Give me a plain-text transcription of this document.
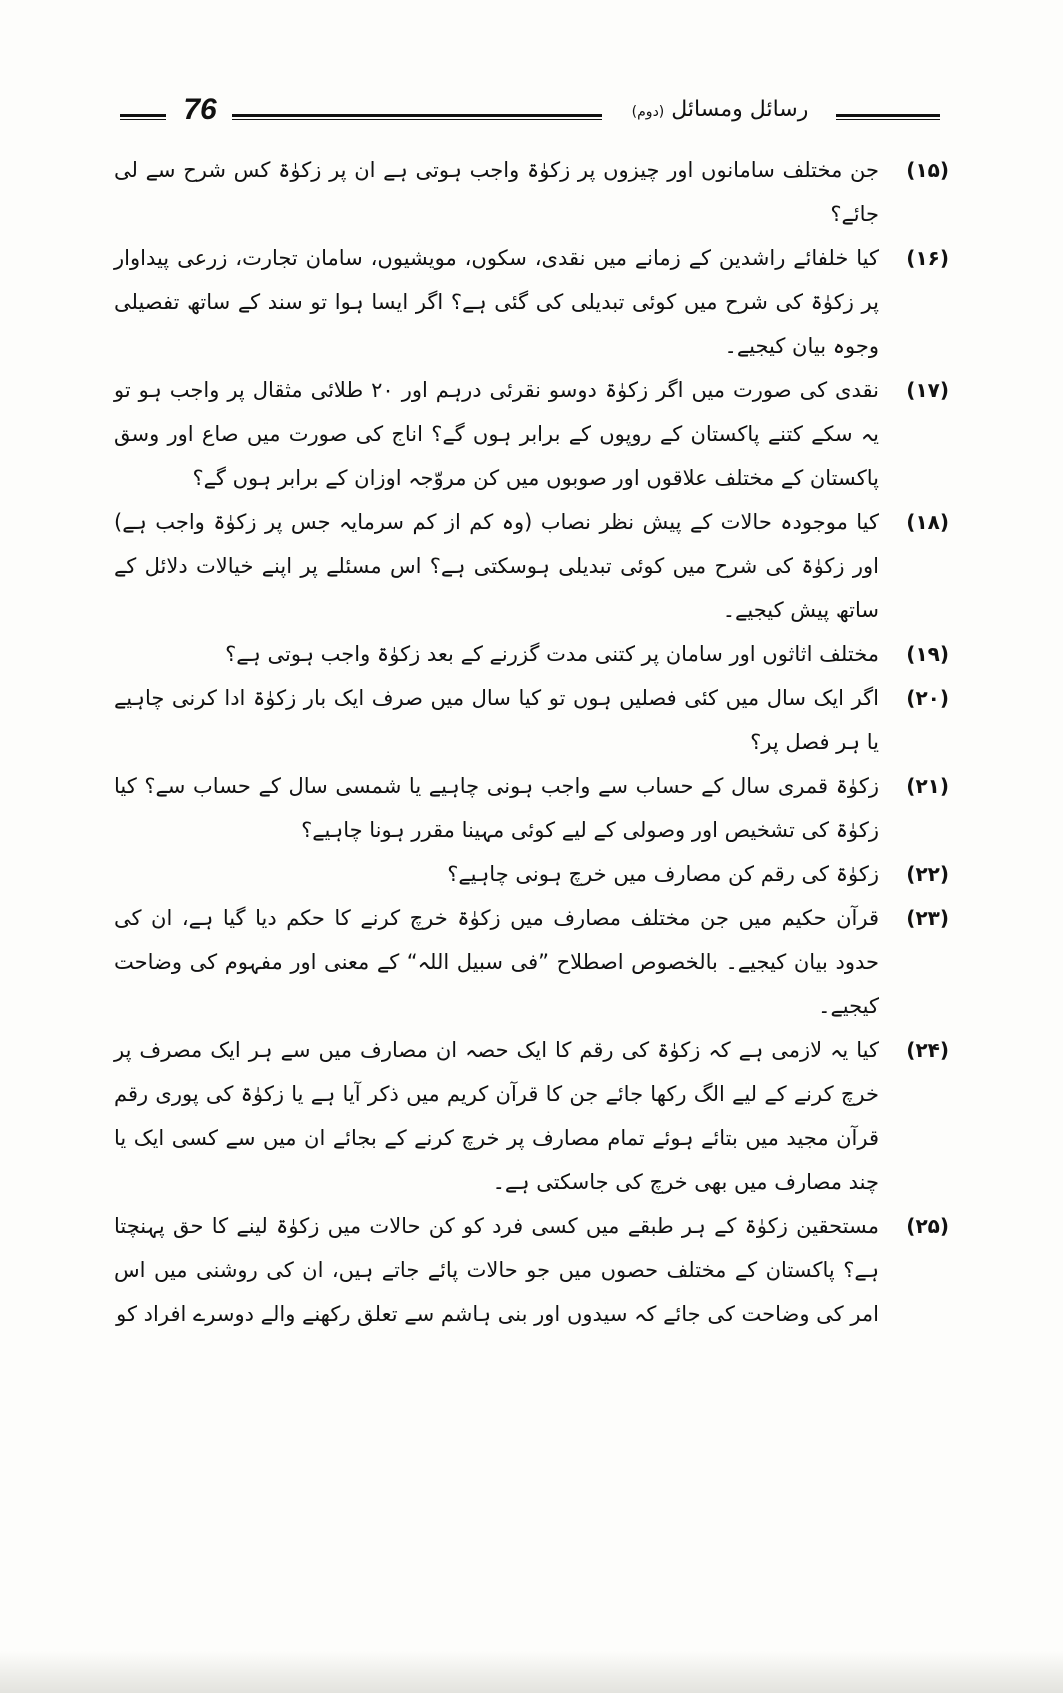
76	رسائل ومسائل (دوم)
(۱۵)

جن مختلف سامانوں اور چیزوں پر زکوٰۃ واجب ہوتی ہے ان پر زکوٰۃ کس شرح سے لی جائے؟

(۱۶)

کیا خلفائے راشدین کے زمانے میں نقدی، سکوں، مویشیوں، سامان تجارت، زرعی پیداوار پر زکوٰۃ کی شرح میں کوئی تبدیلی کی گئی ہے؟ اگر ایسا ہوا تو سند کے ساتھ تفصیلی وجوہ بیان کیجیے۔

(۱۷)

نقدی کی صورت میں اگر زکوٰۃ دوسو نقرئی درہم اور ۲۰ طلائی مثقال پر واجب ہو تو یہ سکے کتنے پاکستان کے روپوں کے برابر ہوں گے؟ اناج کی صورت میں صاع اور وسق پاکستان کے مختلف علاقوں اور صوبوں میں کن مروّجہ اوزان کے برابر ہوں گے؟

(۱۸)

کیا موجودہ حالات کے پیش نظر نصاب (وہ کم از کم سرمایہ جس پر زکوٰۃ واجب ہے) اور زکوٰۃ کی شرح میں کوئی تبدیلی ہوسکتی ہے؟ اس مسئلے پر اپنے خیالات دلائل کے ساتھ پیش کیجیے۔

(۱۹)

مختلف اثاثوں اور سامان پر کتنی مدت گزرنے کے بعد زکوٰۃ واجب ہوتی ہے؟

(۲۰)

اگر ایک سال میں کئی فصلیں ہوں تو کیا سال میں صرف ایک بار زکوٰۃ ادا کرنی چاہیے یا ہر فصل پر؟

(۲۱)

زکوٰۃ قمری سال کے حساب سے واجب ہونی چاہیے یا شمسی سال کے حساب سے؟ کیا زکوٰۃ کی تشخیص اور وصولی کے لیے کوئی مہینا مقرر ہونا چاہیے؟

(۲۲)

زکوٰۃ کی رقم کن مصارف میں خرچ ہونی چاہیے؟

(۲۳)

قرآن حکیم میں جن مختلف مصارف میں زکوٰۃ خرچ کرنے کا حکم دیا گیا ہے، ان کی حدود بیان کیجیے۔ بالخصوص اصطلاح ”فی سبیل اللہ“ کے معنی اور مفہوم کی وضاحت کیجیے۔

(۲۴)

کیا یہ لازمی ہے کہ زکوٰۃ کی رقم کا ایک حصہ ان مصارف میں سے ہر ایک مصرف پر خرچ کرنے کے لیے الگ رکھا جائے جن کا قرآن کریم میں ذکر آیا ہے یا زکوٰۃ کی پوری رقم قرآن مجید میں بتائے ہوئے تمام مصارف پر خرچ کرنے کے بجائے ان میں سے کسی ایک یا چند مصارف میں بھی خرچ کی جاسکتی ہے۔

(۲۵)

مستحقین زکوٰۃ کے ہر طبقے میں کسی فرد کو کن حالات میں زکوٰۃ لینے کا حق پہنچتا ہے؟ پاکستان کے مختلف حصوں میں جو حالات پائے جاتے ہیں، ان کی روشنی میں اس امر کی وضاحت کی جائے کہ سیدوں اور بنی ہاشم سے تعلق رکھنے والے دوسرے افراد کو
